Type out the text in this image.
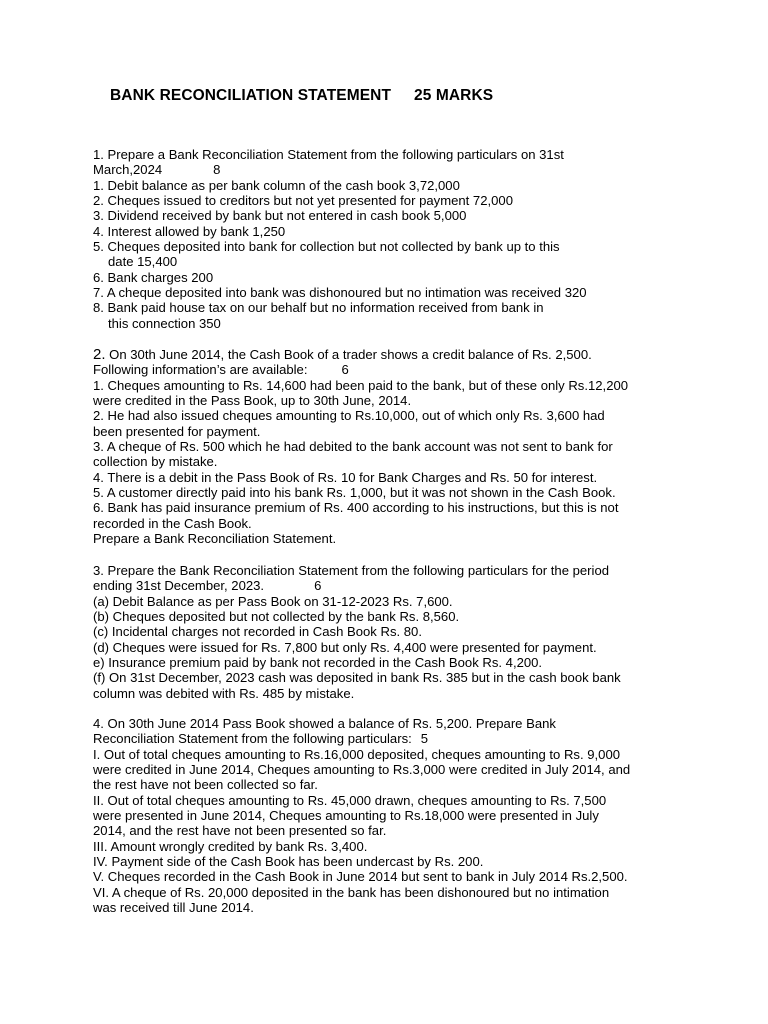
BANK RECONCILIATION STATEMENT 25 MARKS
1. Prepare a Bank Reconciliation Statement from the following particulars on 31st
March,2024	8
1. Debit balance as per bank column of the cash book 3,72,000
2. Cheques issued to creditors but not yet presented for payment 72,000
3. Dividend received by bank but not entered in cash book 5,000
4. Interest allowed by bank 1,250
5. Cheques deposited into bank for collection but not collected by bank up to this
date 15,400
6. Bank charges 200
7. A cheque deposited into bank was dishonoured but no intimation was received 320
8. Bank paid house tax on our behalf but no information received from bank in
this connection 350
2. On 30th June 2014, the Cash Book of a trader shows a credit balance of Rs. 2,500.
Following information’s are available:	6
1. Cheques amounting to Rs. 14,600 had been paid to the bank, but of these only Rs.12,200
were credited in the Pass Book, up to 30th June, 2014.
2. He had also issued cheques amounting to Rs.10,000, out of which only Rs. 3,600 had
been presented for payment.
3. A cheque of Rs. 500 which he had debited to the bank account was not sent to bank for
collection by mistake.
4. There is a debit in the Pass Book of Rs. 10 for Bank Charges and Rs. 50 for interest.
5. A customer directly paid into his bank Rs. 1,000, but it was not shown in the Cash Book.
6. Bank has paid insurance premium of Rs. 400 according to his instructions, but this is not
recorded in the Cash Book.
Prepare a Bank Reconciliation Statement.
3. Prepare the Bank Reconciliation Statement from the following particulars for the period
ending 31st December, 2023.	6
(a) Debit Balance as per Pass Book on 31-12-2023 Rs. 7,600.
(b) Cheques deposited but not collected by the bank Rs. 8,560.
(c) Incidental charges not recorded in Cash Book Rs. 80.
(d) Cheques were issued for Rs. 7,800 but only Rs. 4,400 were presented for payment.
e) Insurance premium paid by bank not recorded in the Cash Book Rs. 4,200.
(f) On 31st December, 2023 cash was deposited in bank Rs. 385 but in the cash book bank
column was debited with Rs. 485 by mistake.
4. On 30th June 2014 Pass Book showed a balance of Rs. 5,200. Prepare Bank
Reconciliation Statement from the following particulars: 5
I. Out of total cheques amounting to Rs.16,000 deposited, cheques amounting to Rs. 9,000
were credited in June 2014, Cheques amounting to Rs.3,000 were credited in July 2014, and
the rest have not been collected so far.
II. Out of total cheques amounting to Rs. 45,000 drawn, cheques amounting to Rs. 7,500
were presented in June 2014, Cheques amounting to Rs.18,000 were presented in July
2014, and the rest have not been presented so far.
III. Amount wrongly credited by bank Rs. 3,400.
IV. Payment side of the Cash Book has been undercast by Rs. 200.
V. Cheques recorded in the Cash Book in June 2014 but sent to bank in July 2014 Rs.2,500.
VI. A cheque of Rs. 20,000 deposited in the bank has been dishonoured but no intimation
was received till June 2014.
